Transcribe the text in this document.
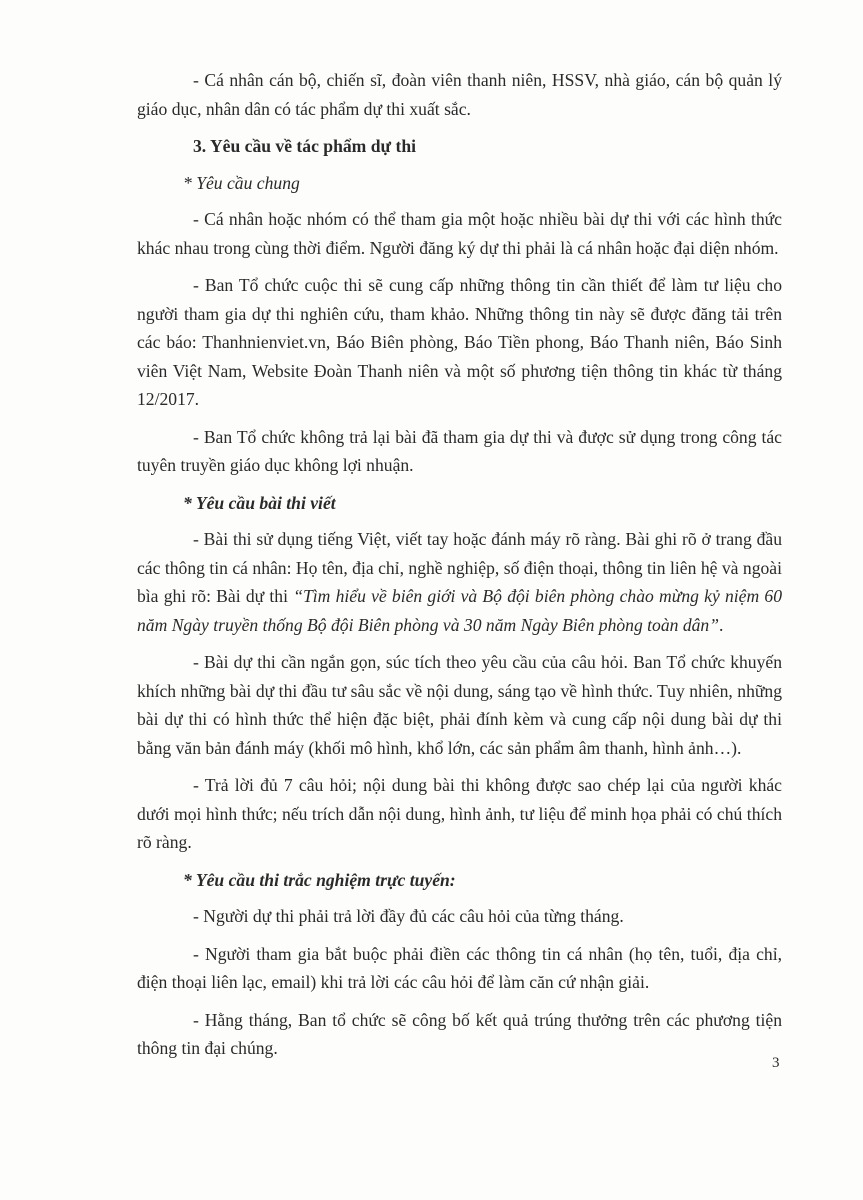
- Cá nhân cán bộ, chiến sĩ, đoàn viên thanh niên, HSSV, nhà giáo, cán bộ quản lý giáo dục, nhân dân có tác phẩm dự thi xuất sắc.

3. Yêu cầu về tác phẩm dự thi

* Yêu cầu chung

- Cá nhân hoặc nhóm có thể tham gia một hoặc nhiều bài dự thi với các hình thức khác nhau trong cùng thời điểm. Người đăng ký dự thi phải là cá nhân hoặc đại diện nhóm.

- Ban Tổ chức cuộc thi sẽ cung cấp những thông tin cần thiết để làm tư liệu cho người tham gia dự thi nghiên cứu, tham khảo. Những thông tin này sẽ được đăng tải trên các báo: Thanhnienviet.vn, Báo Biên phòng, Báo Tiền phong, Báo Thanh niên, Báo Sinh viên Việt Nam, Website Đoàn Thanh niên và một số phương tiện thông tin khác từ tháng 12/2017.

- Ban Tổ chức không trả lại bài đã tham gia dự thi và được sử dụng trong công tác tuyên truyền giáo dục không lợi nhuận.

* Yêu cầu bài thi viết

- Bài thi sử dụng tiếng Việt, viết tay hoặc đánh máy rõ ràng. Bài ghi rõ ở trang đầu các thông tin cá nhân: Họ tên, địa chỉ, nghề nghiệp, số điện thoại, thông tin liên hệ và ngoài bìa ghi rõ: Bài dự thi “Tìm hiểu về biên giới và Bộ đội biên phòng chào mừng kỷ niệm 60 năm Ngày truyền thống Bộ đội Biên phòng và 30 năm Ngày Biên phòng toàn dân”.

- Bài dự thi cần ngắn gọn, súc tích theo yêu cầu của câu hỏi. Ban Tổ chức khuyến khích những bài dự thi đầu tư sâu sắc về nội dung, sáng tạo về hình thức. Tuy nhiên, những bài dự thi có hình thức thể hiện đặc biệt, phải đính kèm và cung cấp nội dung bài dự thi bằng văn bản đánh máy (khối mô hình, khổ lớn, các sản phẩm âm thanh, hình ảnh…).

- Trả lời đủ 7 câu hỏi; nội dung bài thi không được sao chép lại của người khác dưới mọi hình thức; nếu trích dẫn nội dung, hình ảnh, tư liệu để minh họa phải có chú thích rõ ràng.

* Yêu cầu thi trắc nghiệm trực tuyến:

- Người dự thi phải trả lời đầy đủ các câu hỏi của từng tháng.

- Người tham gia bắt buộc phải điền các thông tin cá nhân (họ tên, tuổi, địa chỉ, điện thoại liên lạc, email) khi trả lời các câu hỏi để làm căn cứ nhận giải.

- Hằng tháng, Ban tổ chức sẽ công bố kết quả trúng thưởng trên các phương tiện thông tin đại chúng.

3
